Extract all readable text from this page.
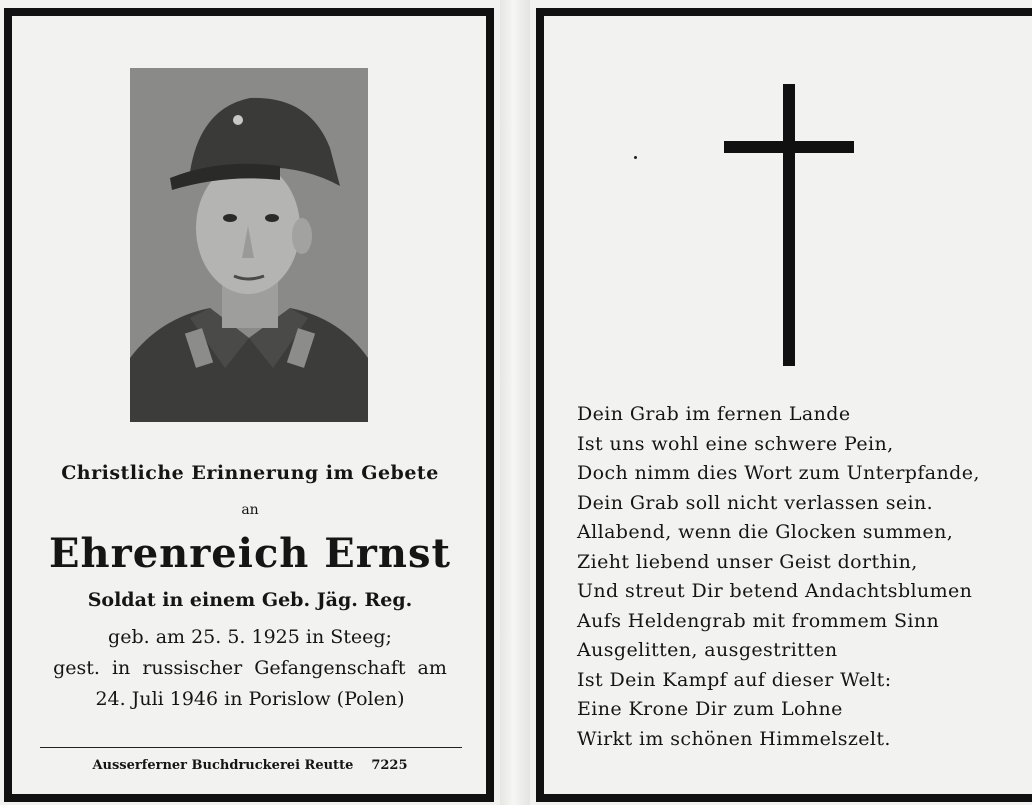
Christliche Erinnerung im Gebete
an
Ehrenreich Ernst
Soldat in einem Geb. Jäg. Reg.
geb. am 25. 5. 1925 in Steeg;
gest. in russischer Gefangenschaft am
24. Juli 1946 in Porislow (Polen)
Ausserferner Buchdruckerei Reutte 7225
Dein Grab im fernen Lande
Ist uns wohl eine schwere Pein,
Doch nimm dies Wort zum Unterpfande,
Dein Grab soll nicht verlassen sein.
Allabend, wenn die Glocken summen,
Zieht liebend unser Geist dorthin,
Und streut Dir betend Andachtsblumen
Aufs Heldengrab mit frommem Sinn
Ausgelitten, ausgestritten
Ist Dein Kampf auf dieser Welt:
Eine Krone Dir zum Lohne
Wirkt im schönen Himmelszelt.
